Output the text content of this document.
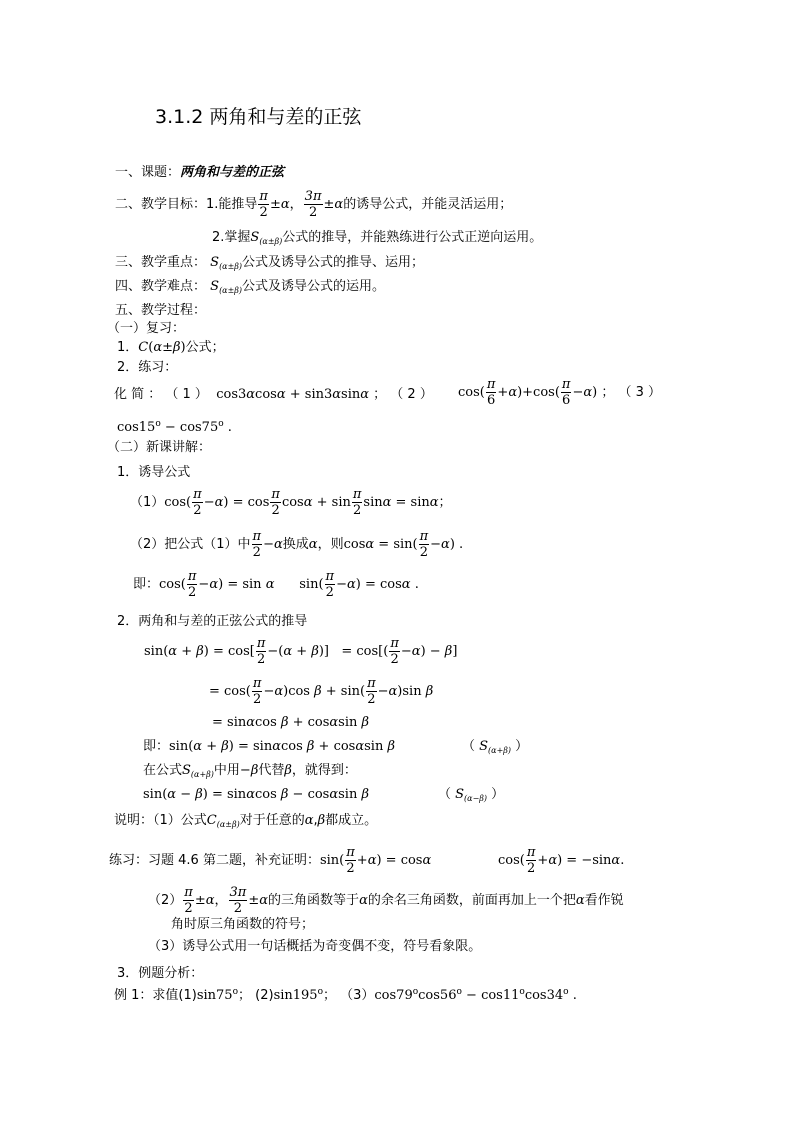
3.1.2 两角和与差的正弦
一、课题：两角和与差的正弦
二、教学目标：1.能推导 $\frac{\pi}{2} \pm\alpha$， $\frac{3\pi}{2} \pm\alpha$的诱导公式，并能灵活运用；
2.掌握$S_{(\alpha\pm\beta)}$公式的推导，并能熟练进行公式正逆向运用。
三、教学重点： $S_{(\alpha\pm\beta)}$公式及诱导公式的推导、运用；
四、教学难点： $S_{(\alpha\pm\beta)}$公式及诱导公式的运用。
五、教学过程：
（一）复习：
1．C(α±β)公式；
2．练习：
化 简 ： （ 1 ）  cos3αcosα + sin3αsinα ； （ 2 ） $\cos( \frac{\pi}{6} +\alpha)+\cos( \frac{\pi}{6} -\alpha)$ ； （ 3 ）
$\cos 15^o - \cos 75^o$ .
（二）新课讲解：
1．诱导公式
$(1)\cos( \frac{\pi}{2} -\alpha) = \cos \frac{\pi}{2}$ $\cos\alpha + \sin \frac{\pi}{2}$ sinα = sinα；
（2）把公式（1）中 $\frac{\pi}{2} -\alpha$换成α，则$\cos\alpha = \sin( \frac{\pi}{2} -\alpha)$ .
即：$\cos( \frac{\pi}{2} -\alpha) = \sin \alpha$ $\sin( \frac{\pi}{2} -\alpha) = \cos\alpha$ .
2．两角和与差的正弦公式的推导
$\sin(\alpha + \beta) = \cos[ \frac{\pi}{2} -(\alpha + \beta)] = \cos[( \frac{\pi}{2} -\alpha) - \beta]$
= $\cos( \frac{\pi}{2} -\alpha)\cos$ $\beta + \sin( \frac{\pi}{2} -\alpha)\sin$ β
= sinαcos β + cosαsin β
即：sin(α + β) = sinαcos β + cosαsin β	（ $S_{(\alpha+\beta)}$ ）
在公式$S_{(\alpha+\beta)}$中用−β代替β，就得到：
sin(α − β) = sinαcos β − cosαsin β	（ $S_{(\alpha-\beta)}$ ）
说明：（1）公式$C_{(\alpha\pm\beta)}$对于任意的α,β都成立。
练习：习题 4.6 第二题，补充证明：$\sin( \frac{\pi}{2} +\alpha) = \cos\alpha$	$\cos( \frac{\pi}{2} +\alpha) = -\sin\alpha$.
$(2) \frac{\pi}{2} \pm\alpha$， $\frac{3\pi}{2} \pm\alpha$的三角函数等于α的余名三角函数，前面再加上一个把α看作锐
角时原三角函数的符号；
（3）诱导公式用一句话概括为奇变偶不变，符号看象限。
3．例题分析：
例 1：求值(1)sin75$^o$； (2)sin195$^o$； $(3)\cos 79^o\cos 56^o - \cos 11^o\cos 34^o$ .
